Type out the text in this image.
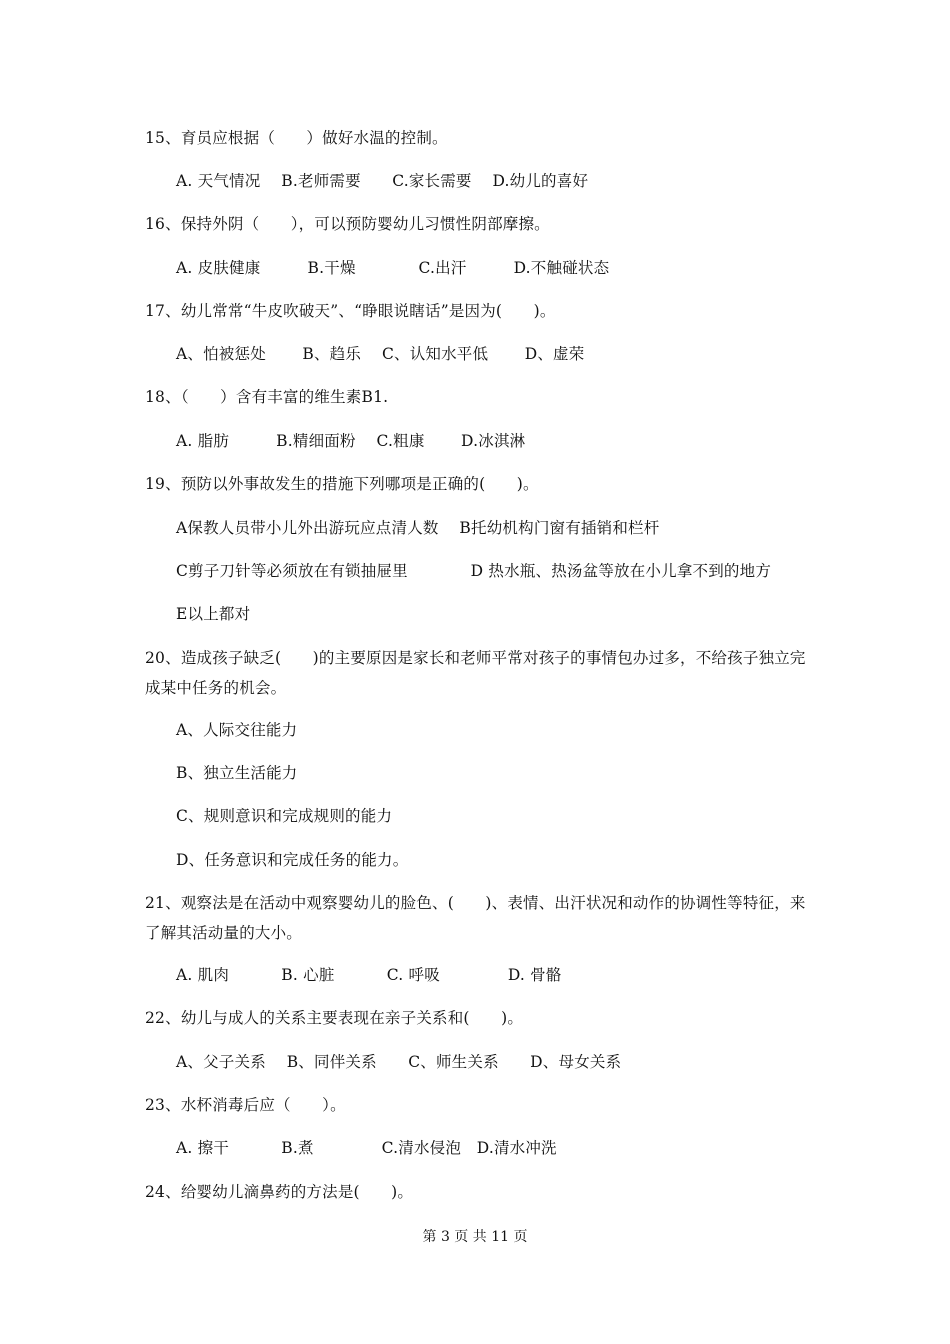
15、育员应根据（　　）做好水温的控制。
A. 天气情况　 B.老师需要　　C.家长需要　 D.幼儿的喜好
16、保持外阴（　　），可以预防婴幼儿习惯性阴部摩擦。
A. 皮肤健康　　　B.干燥　　　　C.出汗　　　D.不触碰状态
17、幼儿常常“牛皮吹破天”、“睁眼说瞎话”是因为(　　)。
A、怕被惩处　　 B、趋乐　 C、认知水平低　　 D、虚荣
18、（　　）含有丰富的维生素B1.
A. 脂肪　　　B.精细面粉　 C.粗康　　 D.冰淇淋
19、预防以外事故发生的措施下列哪项是正确的(　　)。
A保教人员带小儿外出游玩应点清人数　 B托幼机构门窗有插销和栏杆
C剪子刀针等必须放在有锁抽屉里　　　　D 热水瓶、热汤盆等放在小儿拿不到的地方
E以上都对
20、造成孩子缺乏(　　)的主要原因是家长和老师平常对孩子的事情包办过多，不给孩子独立完成某中任务的机会。
A、人际交往能力
B、独立生活能力
C、规则意识和完成规则的能力
D、任务意识和完成任务的能力。
21、观察法是在活动中观察婴幼儿的脸色、(　　)、表情、出汗状况和动作的协调性等特征，来了解其活动量的大小。
A. 肌肉　　　 B. 心脏　　　 C. 呼吸　　　　 D. 骨骼
22、幼儿与成人的关系主要表现在亲子关系和(　　)。
A、父子关系　 B、同伴关系　　C、师生关系　　D、母女关系
23、水杯消毒后应（　　）。
A. 擦干　　　 B.煮　　　　 C.清水侵泡　D.清水冲洗
24、给婴幼儿滴鼻药的方法是(　　)。
第 3 页 共 11 页
